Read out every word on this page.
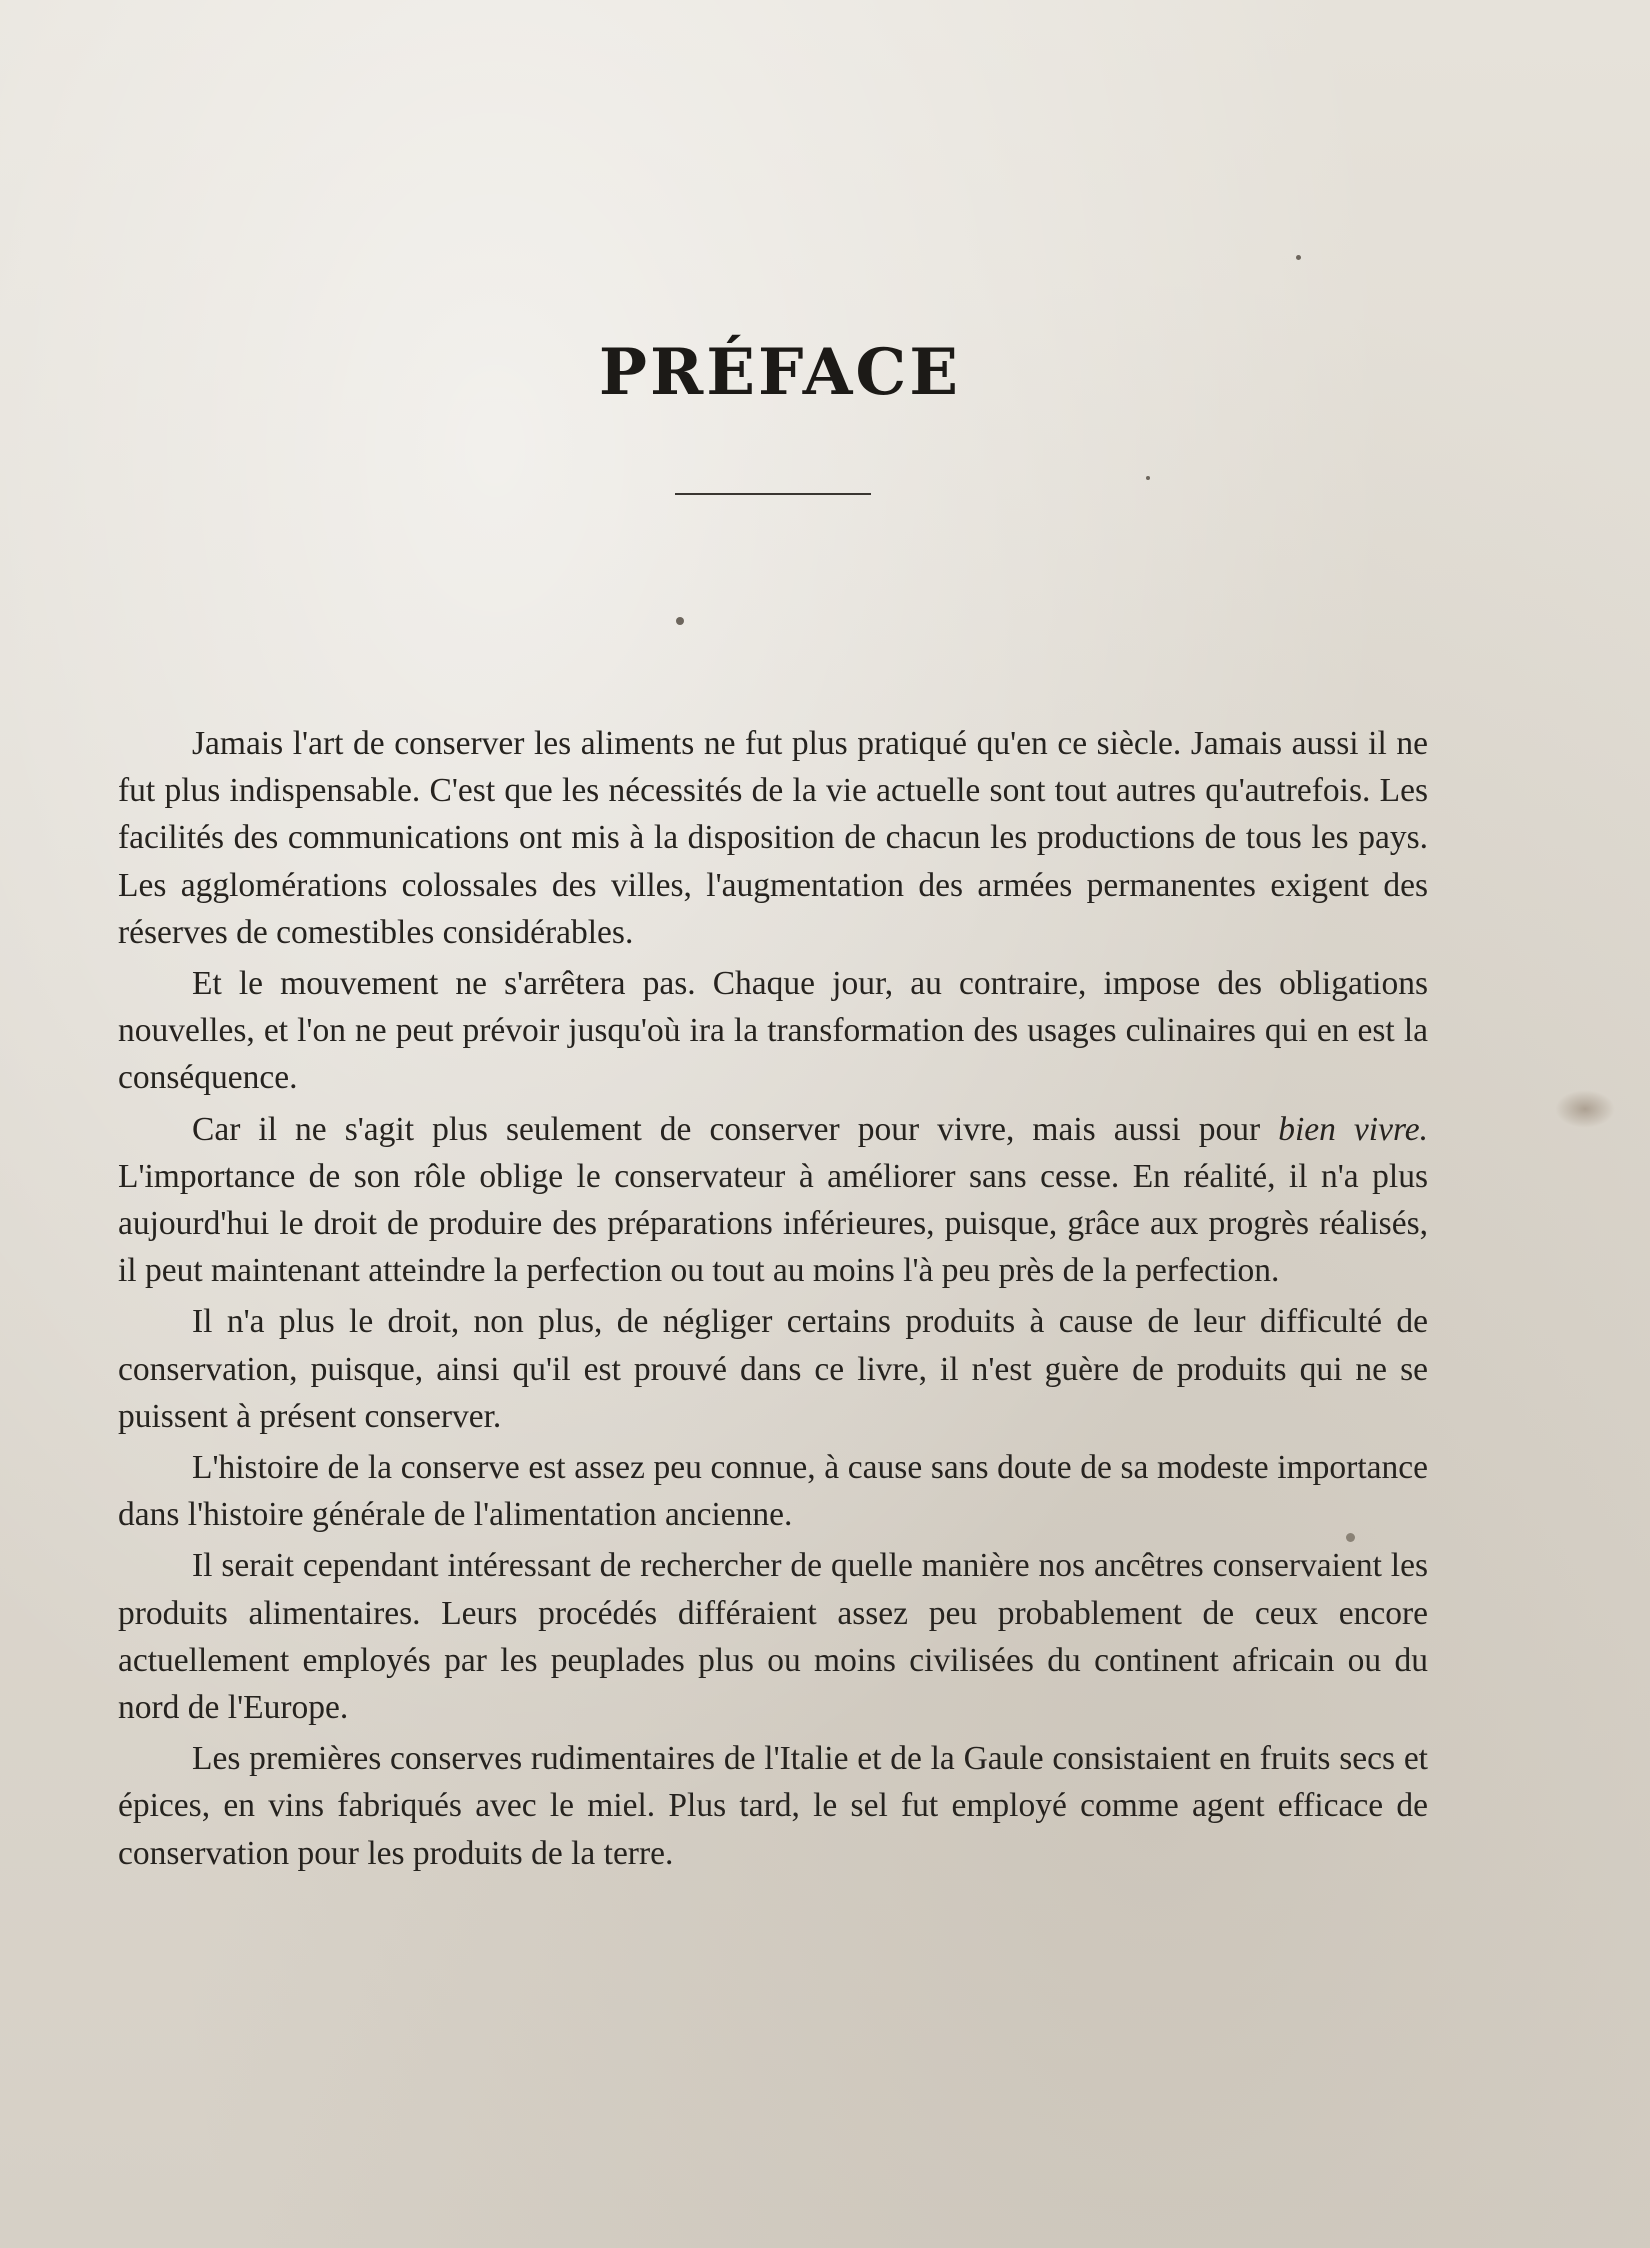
PRÉFACE

Jamais l'art de conserver les aliments ne fut plus pratiqué qu'en ce siècle. Jamais aussi il ne fut plus indispensable. C'est que les nécessités de la vie actuelle sont tout autres qu'autrefois. Les facilités des communications ont mis à la disposition de chacun les productions de tous les pays. Les agglomérations colossales des villes, l'augmentation des armées permanentes exigent des réserves de comestibles considérables.

Et le mouvement ne s'arrêtera pas. Chaque jour, au contraire, impose des obligations nouvelles, et l'on ne peut prévoir jusqu'où ira la transformation des usages culinaires qui en est la conséquence.

Car il ne s'agit plus seulement de conserver pour vivre, mais aussi pour bien vivre. L'importance de son rôle oblige le conservateur à améliorer sans cesse. En réalité, il n'a plus aujourd'hui le droit de produire des préparations inférieures, puisque, grâce aux progrès réalisés, il peut maintenant atteindre la perfection ou tout au moins l'à peu près de la perfection.

Il n'a plus le droit, non plus, de négliger certains produits à cause de leur difficulté de conservation, puisque, ainsi qu'il est prouvé dans ce livre, il n'est guère de produits qui ne se puissent à présent conserver.

L'histoire de la conserve est assez peu connue, à cause sans doute de sa modeste importance dans l'histoire générale de l'alimentation ancienne.

Il serait cependant intéressant de rechercher de quelle manière nos ancêtres conservaient les produits alimentaires. Leurs procédés différaient assez peu probablement de ceux encore actuellement employés par les peuplades plus ou moins civilisées du continent africain ou du nord de l'Europe.

Les premières conserves rudimentaires de l'Italie et de la Gaule consistaient en fruits secs et épices, en vins fabriqués avec le miel. Plus tard, le sel fut employé comme agent efficace de conservation pour les produits de la terre.
